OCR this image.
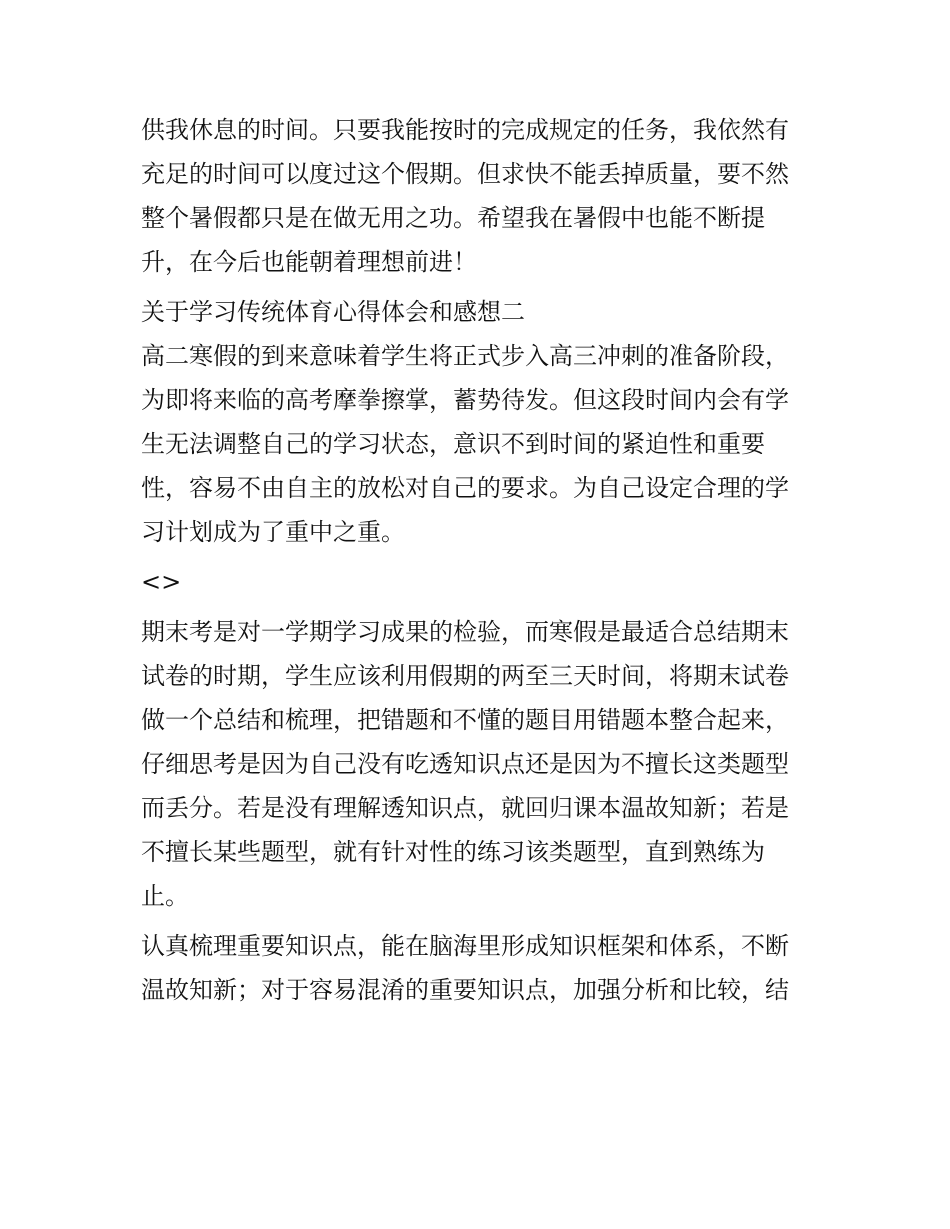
供我休息的时间。只要我能按时的完成规定的任务，我依然有
充足的时间可以度过这个假期。但求快不能丢掉质量，要不然
整个暑假都只是在做无用之功。希望我在暑假中也能不断提
升，在今后也能朝着理想前进！
关于学习传统体育心得体会和感想二
高二寒假的到来意味着学生将正式步入高三冲刺的准备阶段，
为即将来临的高考摩拳擦掌，蓄势待发。但这段时间内会有学
生无法调整自己的学习状态，意识不到时间的紧迫性和重要
性，容易不由自主的放松对自己的要求。为自己设定合理的学
习计划成为了重中之重。
<>
期末考是对一学期学习成果的检验，而寒假是最适合总结期末
试卷的时期，学生应该利用假期的两至三天时间，将期末试卷
做一个总结和梳理，把错题和不懂的题目用错题本整合起来，
仔细思考是因为自己没有吃透知识点还是因为不擅长这类题型
而丢分。若是没有理解透知识点，就回归课本温故知新；若是
不擅长某些题型，就有针对性的练习该类题型，直到熟练为
止。
认真梳理重要知识点，能在脑海里形成知识框架和体系，不断
温故知新；对于容易混淆的重要知识点，加强分析和比较，结
